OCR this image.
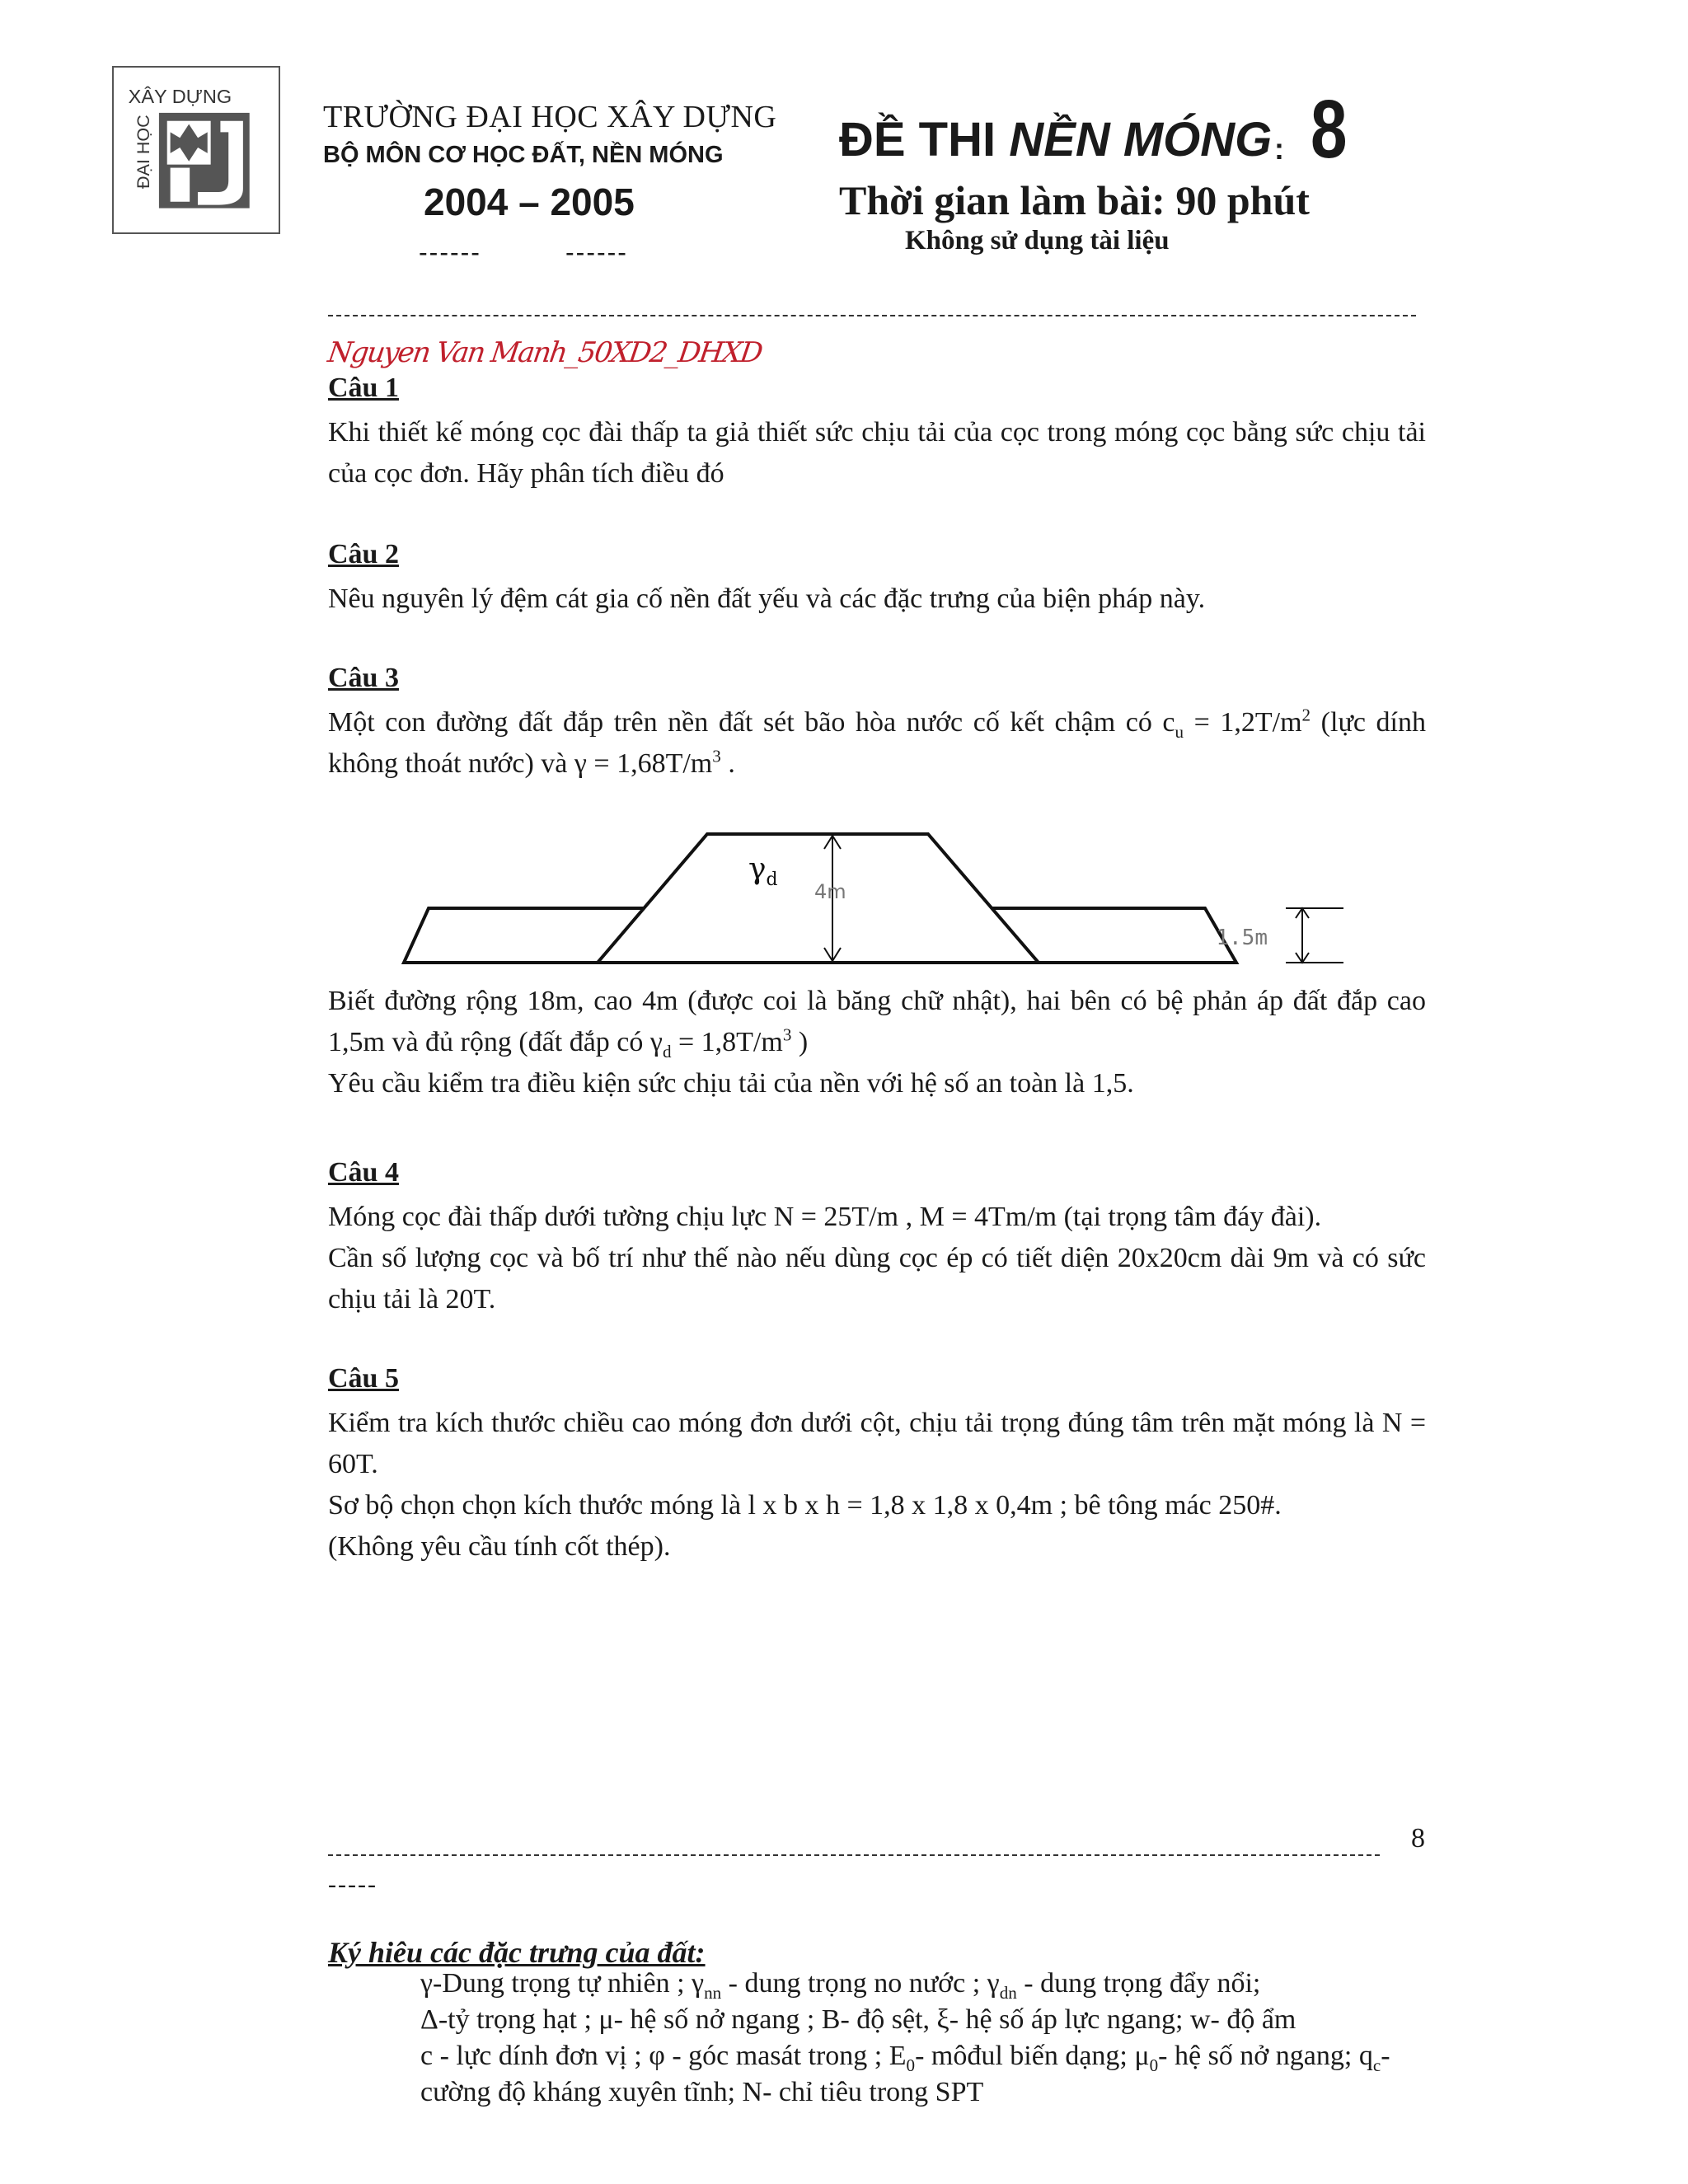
XÂY DỰNG
ĐẠI HỌC	TRƯỜNG ĐẠI HỌC XÂY DỰNG
BỘ MÔN CƠ HỌC ĐẤT, NỀN MÓNG
2004 – 2005
------	------
ĐỀ THI NỀN MÓNG : 8
Thời gian làm bài: 90 phút
Không sử dụng tài liệu
Nguyen Van Manh_50XD2_DHXD
Câu 1

Khi thiết kế móng cọc đài thấp ta giả thiết sức chịu tải của cọc trong móng cọc bằng sức chịu tải của cọc đơn. Hãy phân tích điều đó

Câu 2

Nêu nguyên lý đệm cát gia cố nền đất yếu và các đặc trưng của biện pháp này.

Câu 3

Một con đường đất đắp trên nền đất sét bão hòa nước cố kết chậm có $c_u = 1,2T/m^2$ (lực dính không thoát nước) và $\gamma = 1,68T/m^3$ .

$\gamma_d$
4m
1.5m

Biết đường rộng 18m, cao 4m (được coi là băng chữ nhật), hai bên có bệ phản áp đất đắp cao 1,5m và đủ rộng (đất đắp có $\gamma_d = 1,8T/m^3$ )

Yêu cầu kiểm tra điều kiện sức chịu tải của nền với hệ số an toàn là 1,5.

Câu 4

Móng cọc đài thấp dưới tường chịu lực N = 25T/m , M = 4Tm/m (tại trọng tâm đáy đài).

Cần số lượng cọc và bố trí như thế nào nếu dùng cọc ép có tiết diện 20x20cm dài 9m và có sức chịu tải là 20T.

Câu 5

Kiểm tra kích thước chiều cao móng đơn dưới cột, chịu tải trọng đúng tâm trên mặt móng là N = 60T.

Sơ bộ chọn chọn kích thước móng là l x b x h = 1,8 x 1,8 x 0,4m ; bê tông mác 250#.

(Không yêu cầu tính cốt thép).

8
-----
Ký hiêu các đặc trưng của đất:
γ-Dung trọng tự nhiên ; $\gamma_{nn}$ - dung trọng no nước ; $\gamma_{dn}$ - dung trọng đẩy nổi;
Δ-tỷ trọng hạt ; μ- hệ số nở ngang ; B- độ sệt, ξ- hệ số áp lực ngang; w- độ ẩm
c - lực dính đơn vị ; φ - góc masát trong ; $E_0-$ môđul biến dạng; $\mu_0-$ hệ số nở ngang; $q_c-$ cường độ kháng xuyên tĩnh; N- chỉ tiêu trong SPT
